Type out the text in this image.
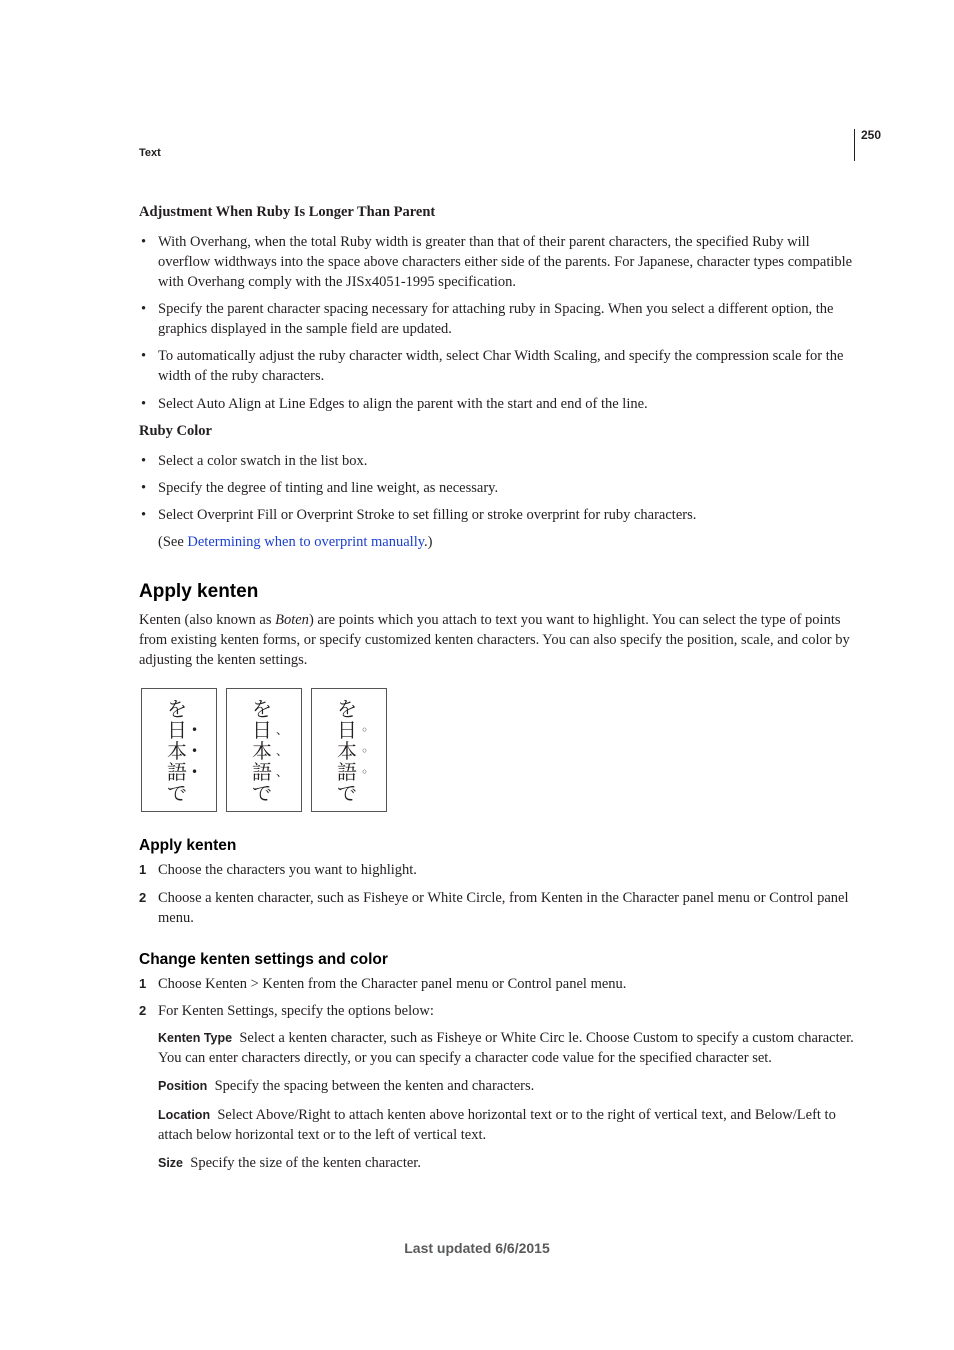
250
Text
Adjustment When Ruby Is Longer Than Parent
• With Overhang, when the total Ruby width is greater than that of their parent characters, the specified Ruby will overflow widthways into the space above characters either side of the parents. For Japanese, character types compatible with Overhang comply with the JISx4051-1995 specification.
• Specify the parent character spacing necessary for attaching ruby in Spacing. When you select a different option, the graphics displayed in the sample field are updated.
• To automatically adjust the ruby character width, select Char Width Scaling, and specify the compression scale for the width of the ruby characters.
• Select Auto Align at Line Edges to align the parent with the start and end of the line.
Ruby Color
• Select a color swatch in the list box.
• Specify the degree of tinting and line weight, as necessary.
• Select Overprint Fill or Overprint Stroke to set filling or stroke overprint for ruby characters.
(See Determining when to overprint manually.)
Apply kenten
Kenten (also known as Boten) are points which you attach to text you want to highlight. You can select the type of points from existing kenten forms, or specify customized kenten characters. You can also specify the position, scale, and color by adjusting the kenten settings.
を
日 •
本 •
語 •
で
を
日 、
本 、
語 、
で
を
日 ◦
本 ◦
語 ◦
で
Apply kenten
1 Choose the characters you want to highlight.
2 Choose a kenten character, such as Fisheye or White Circle, from Kenten in the Character panel menu or Control panel menu.
Change kenten settings and color
1 Choose Kenten > Kenten from the Character panel menu or Control panel menu.
2 For Kenten Settings, specify the options below:
Kenten Type Select a kenten character, such as Fisheye or White Circ le. Choose Custom to specify a custom character. You can enter characters directly, or you can specify a character code value for the specified character set.
Position Specify the spacing between the kenten and characters.
Location Select Above/Right to attach kenten above horizontal text or to the right of vertical text, and Below/Left to attach below horizontal text or to the left of vertical text.
Size Specify the size of the kenten character.
Last updated 6/6/2015
